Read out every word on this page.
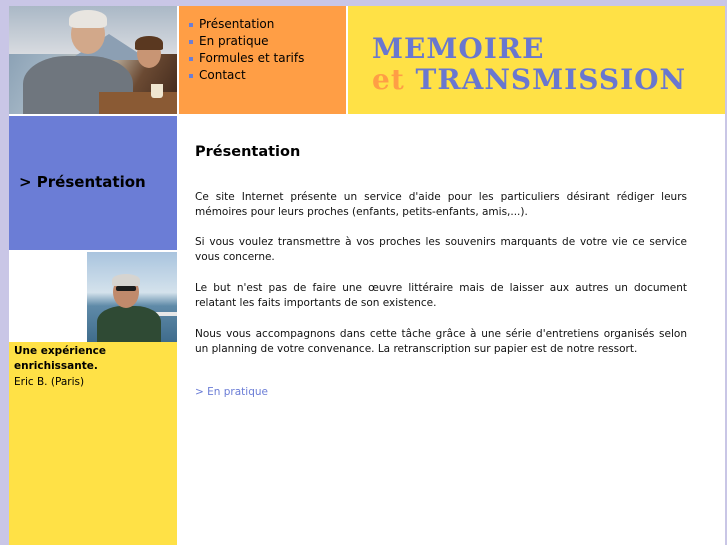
Présentation
En pratique
Formules et tarifs
Contact
MEMOIRE
et TRANSMISSION
> Présentation
Une expérience enrichissante.
Eric B. (Paris)
Présentation

Ce site Internet présente un service d'aide pour les particuliers désirant rédiger leurs mémoires pour leurs proches (enfants, petits-enfants, amis,...).

Si vous voulez transmettre à vos proches les souvenirs marquants de votre vie ce service vous concerne.

Le but n'est pas de faire une œuvre littéraire mais de laisser aux autres un document relatant les faits importants de son existence.

Nous vous accompagnons dans cette tâche grâce à une série d'entretiens organisés selon un planning de votre convenance. La retranscription sur papier est de notre ressort.

> En pratique
